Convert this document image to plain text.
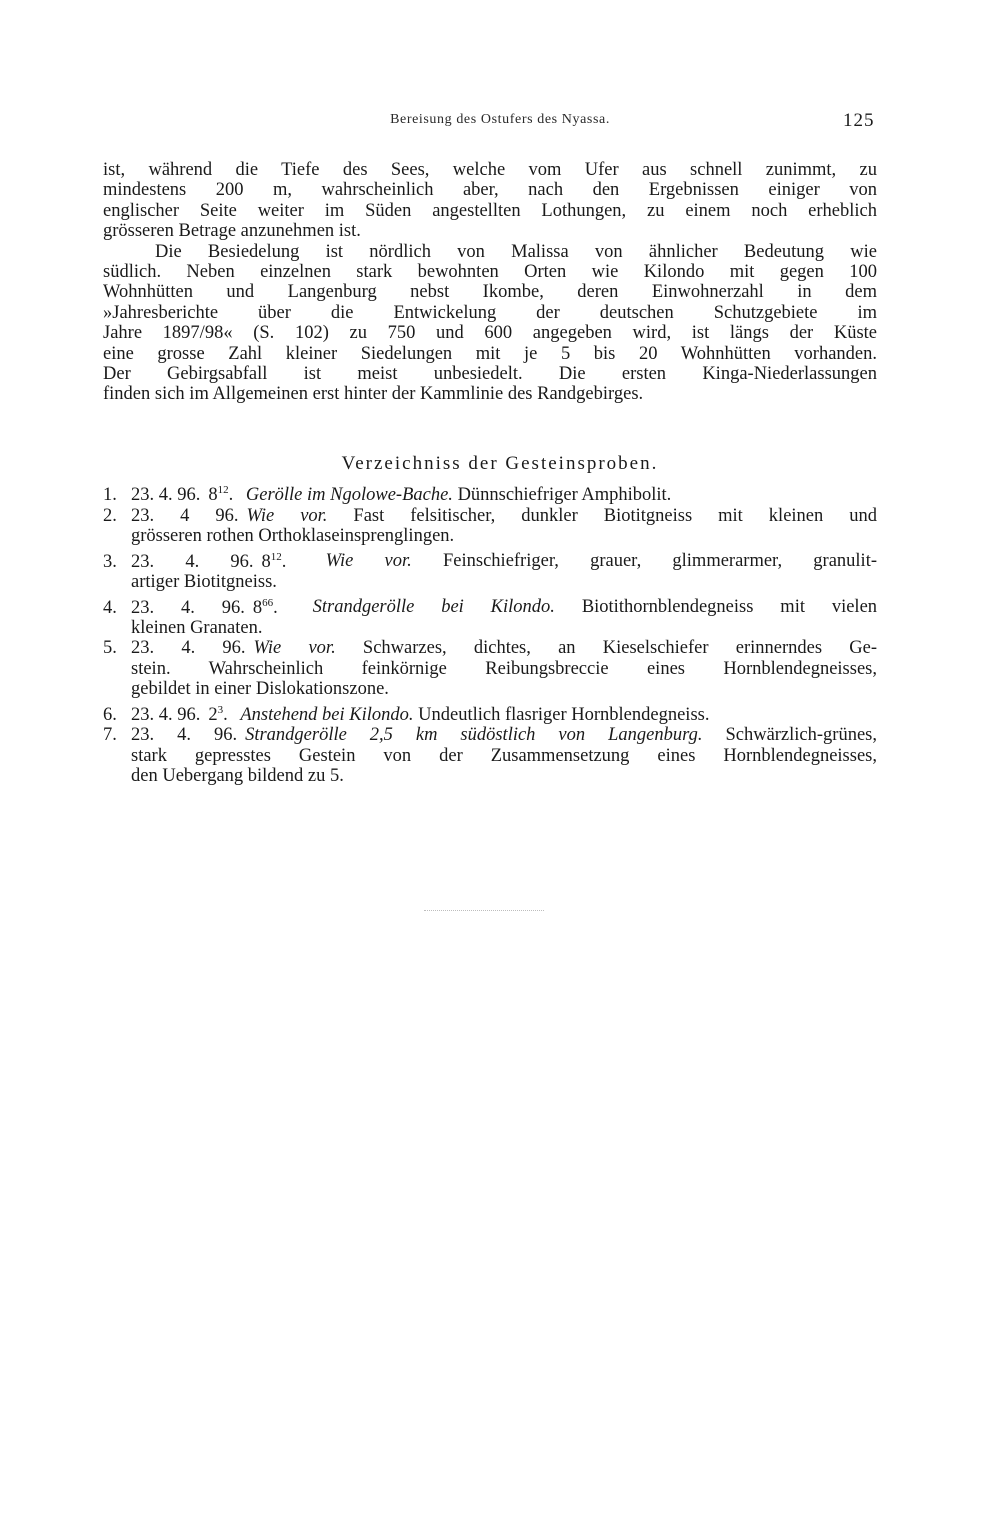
Bereisung des Ostufers des Nyassa.	125
ist, während die Tiefe des Sees, welche vom Ufer aus schnell zunimmt, zu
mindestens 200 m, wahrscheinlich aber, nach den Ergebnissen einiger von
englischer Seite weiter im Süden angestellten Lothungen, zu einem noch erheblich
grösseren Betrage anzunehmen ist.
Die Besiedelung ist nördlich von Malissa von ähnlicher Bedeutung wie
südlich. Neben einzelnen stark bewohnten Orten wie Kilondo mit gegen 100
Wohnhütten und Langenburg nebst Ikombe, deren Einwohnerzahl in dem
»Jahresberichte über die Entwickelung der deutschen Schutzgebiete im
Jahre 1897/98« (S. 102) zu 750 und 600 angegeben wird, ist längs der Küste
eine grosse Zahl kleiner Siedelungen mit je 5 bis 20 Wohnhütten vorhanden.
Der Gebirgsabfall ist meist unbesiedelt. Die ersten Kinga-Niederlassungen
finden sich im Allgemeinen erst hinter der Kammlinie des Randgebirges.
Verzeichniss der Gesteinsproben.

1. 23. 4. 96. $8^{12}$. Gerölle im Ngolowe-Bache. Dünnschiefriger Amphibolit.

2. 23. 4 96. Wie vor. Fast felsitischer, dunkler Biotitgneiss mit kleinen und
grösseren rothen Orthoklaseinsprenglingen.

3. 23. 4. 96. $8^{12}$. Wie vor. Feinschiefriger, grauer, glimmerarmer, granulit-
artiger Biotitgneiss.

4. 23. 4. 96. $8^{66}$. Strandgerölle bei Kilondo. Biotithornblendegneiss mit vielen
kleinen Granaten.

5. 23. 4. 96. Wie vor. Schwarzes, dichtes, an Kieselschiefer erinnerndes Ge-
stein. Wahrscheinlich feinkörnige Reibungsbreccie eines Hornblendegneisses,
gebildet in einer Dislokationszone.

6. 23. 4. 96. $2^3$. Anstehend bei Kilondo. Undeutlich flasriger Hornblendegneiss.

7. 23. 4. 96. Strandgerölle 2,5 km südöstlich von Langenburg. Schwärzlich-grünes,
stark gepresstes Gestein von der Zusammensetzung eines Hornblendegneisses,
den Uebergang bildend zu 5.
